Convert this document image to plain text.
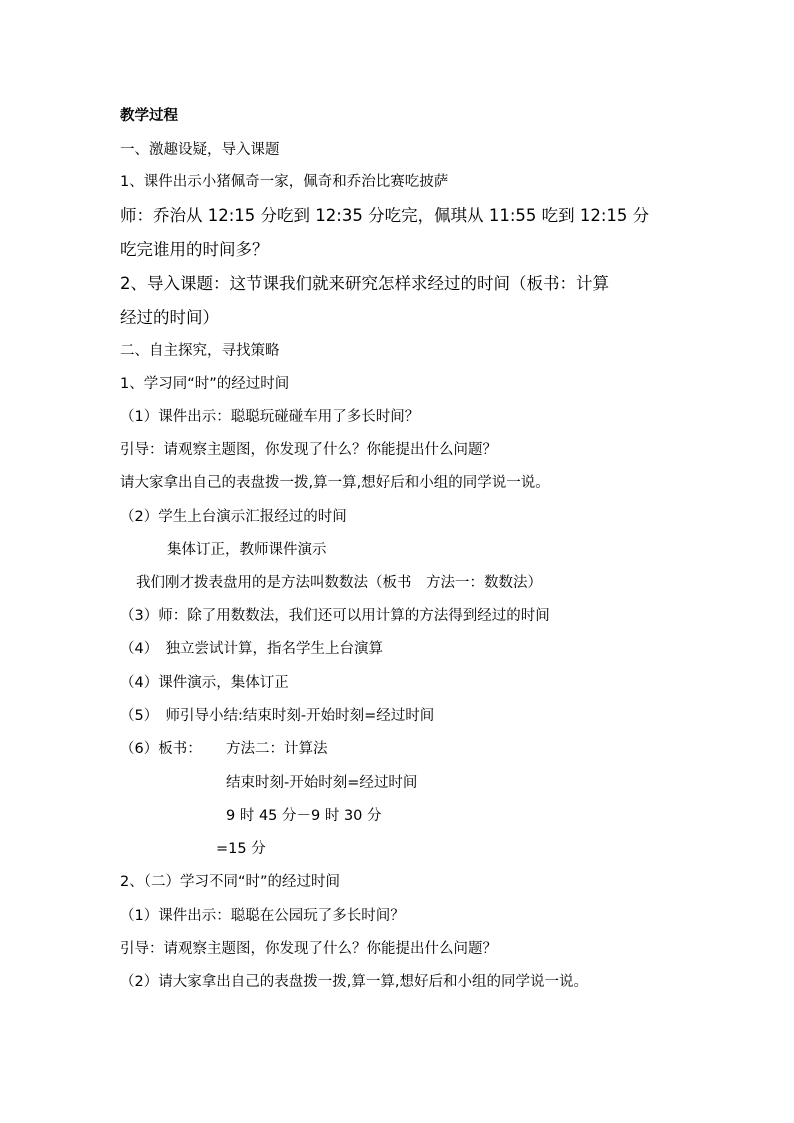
教学过程
一、激趣设疑，导入课题
1、课件出示小猪佩奇一家，佩奇和乔治比赛吃披萨
师：乔治从 12:15 分吃到 12:35 分吃完，佩琪从 11:55 吃到 12:15 分
吃完谁用的时间多？
2、导入课题：这节课我们就来研究怎样求经过的时间（板书：计算
经过的时间）
二、自主探究，寻找策略
1、学习同“时”的经过时间
（1）课件出示：聪聪玩碰碰车用了多长时间？
引导：请观察主题图，你发现了什么？你能提出什么问题？
请大家拿出自己的表盘拨一拨,算一算,想好后和小组的同学说一说。
（2）学生上台演示汇报经过的时间
集体订正，教师课件演示
我们刚才拨表盘用的是方法叫数数法（板书　方法一：数数法）
（3）师：除了用数数法，我们还可以用计算的方法得到经过的时间
（4）　独立尝试计算，指名学生上台演算
（4）课件演示，集体订正
（5）　师引导小结:结束时刻-开始时刻=经过时间
（6）板书： 方法二：计算法
结束时刻-开始时刻=经过时间
9 时 45 分－9 时 30 分
=15 分
2、（二）学习不同“时”的经过时间
（1）课件出示：聪聪在公园玩了多长时间？
引导：请观察主题图，你发现了什么？你能提出什么问题？
（2）请大家拿出自己的表盘拨一拨,算一算,想好后和小组的同学说一说。
